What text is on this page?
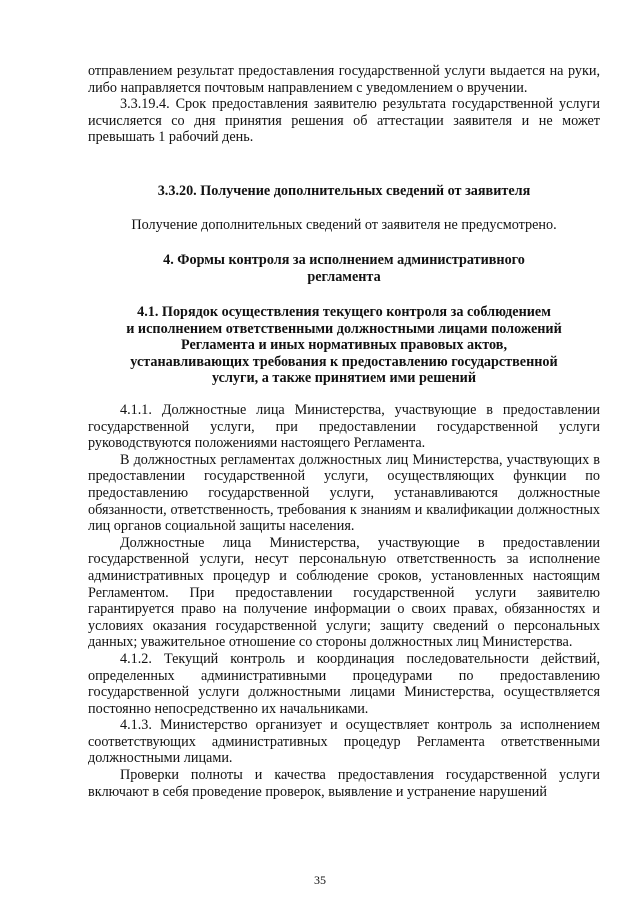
отправлением результат предоставления государственной услуги выдается на руки, либо направляется почтовым направлением с уведомлением о вручении.

3.3.19.4. Срок предоставления заявителю результата государственной услуги исчисляется со дня принятия решения об аттестации заявителя и не может превышать 1 рабочий день.

3.3.20. Получение дополнительных сведений от заявителя

Получение дополнительных сведений от заявителя не предусмотрено.

4. Формы контроля за исполнением административного
регламента
4.1. Порядок осуществления текущего контроля за соблюдением
и исполнением ответственными должностными лицами положений
Регламента и иных нормативных правовых актов,
устанавливающих требования к предоставлению государственной
услуги, а также принятием ими решений

4.1.1. Должностные лица Министерства, участвующие в предоставлении государственной услуги, при предоставлении государственной услуги руководствуются положениями настоящего Регламента.

В должностных регламентах должностных лиц Министерства, участвующих в предоставлении государственной услуги, осуществляющих функции по предоставлению государственной услуги, устанавливаются должностные обязанности, ответственность, требования к знаниям и квалификации должностных лиц органов социальной защиты населения.

Должностные лица Министерства, участвующие в предоставлении государственной услуги, несут персональную ответственность за исполнение административных процедур и соблюдение сроков, установленных настоящим Регламентом. При предоставлении государственной услуги заявителю гарантируется право на получение информации о своих правах, обязанностях и условиях оказания государственной услуги; защиту сведений о персональных данных; уважительное отношение со стороны должностных лиц Министерства.

4.1.2. Текущий контроль и координация последовательности действий, определенных административными процедурами по предоставлению государственной услуги должностными лицами Министерства, осуществляется постоянно непосредственно их начальниками.

4.1.3. Министерство организует и осуществляет контроль за исполнением соответствующих административных процедур Регламента ответственными должностными лицами.

Проверки полноты и качества предоставления государственной услуги включают в себя проведение проверок, выявление и устранение нарушений

35
